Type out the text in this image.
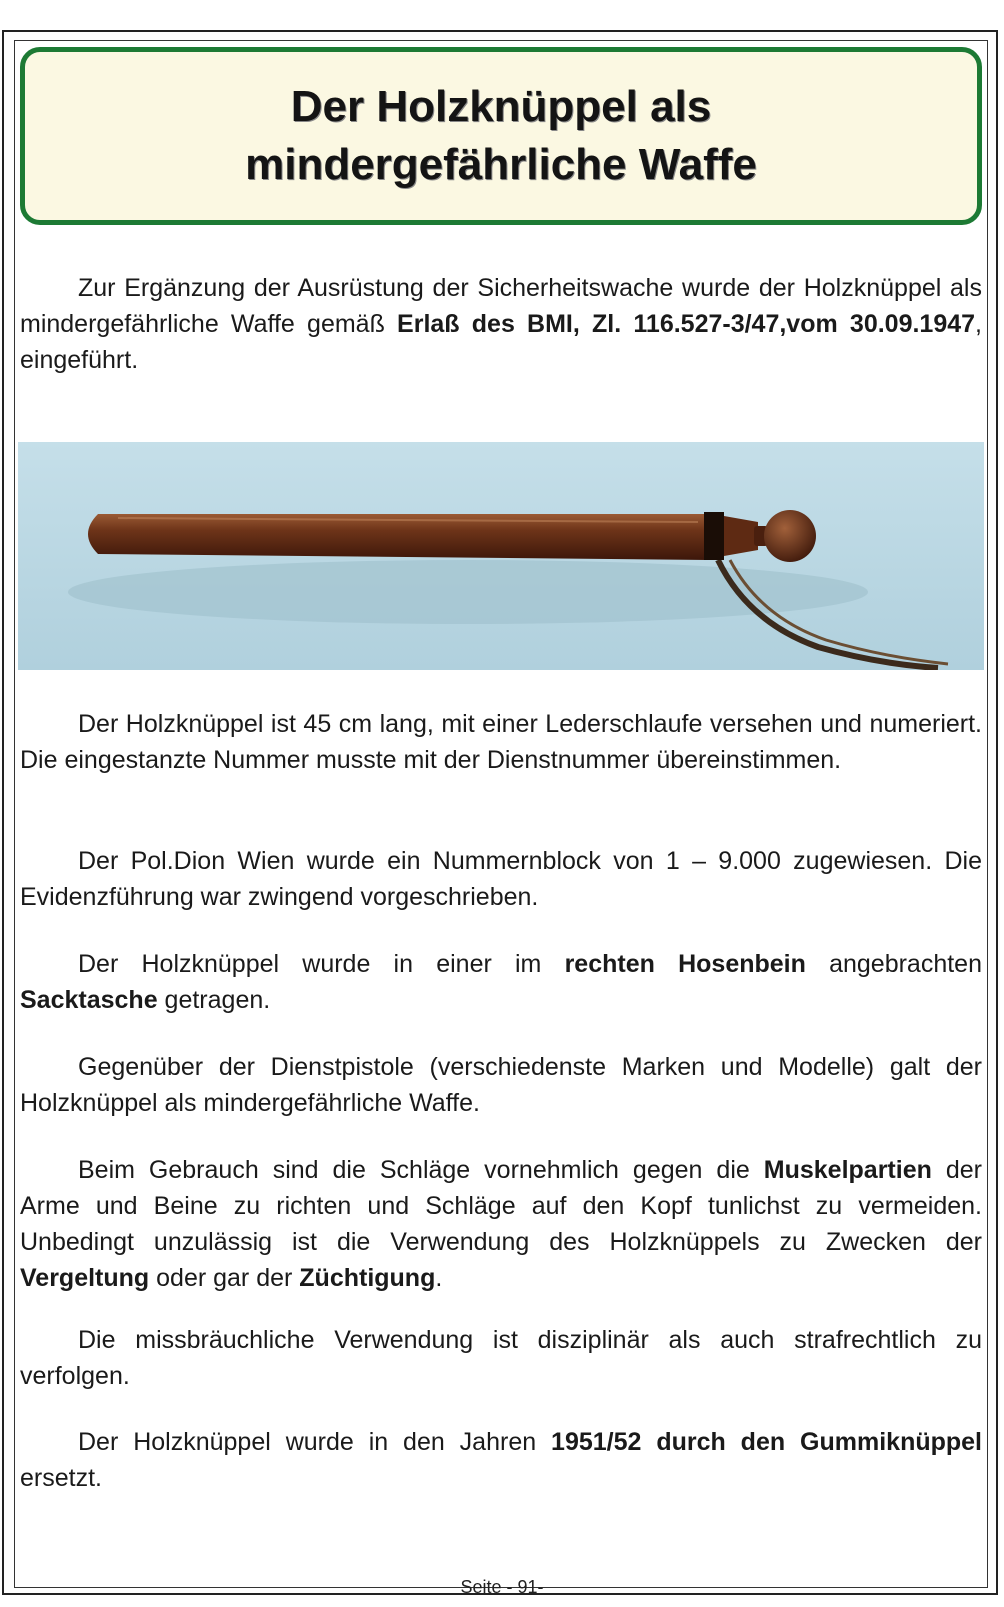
Der Holzknüppel als
mindergefährliche Waffe

Zur Ergänzung der Ausrüstung der Sicherheitswache wurde der Holzknüppel als mindergefährliche Waffe gemäß Erlaß des BMI, Zl. 116.527-3/47,vom 30.09.1947, eingeführt.

Der Holzknüppel ist 45 cm lang, mit einer Lederschlaufe versehen und numeriert. Die eingestanzte Nummer musste mit der Dienstnummer übereinstimmen.

Der Pol.Dion Wien wurde ein Nummernblock von 1 – 9.000 zugewiesen. Die Evidenzführung war zwingend vorgeschrieben.

Der Holzknüppel wurde in einer im rechten Hosenbein angebrachten Sacktasche getragen.

Gegenüber der Dienstpistole (verschiedenste Marken und Modelle) galt der Holzknüppel als mindergefährliche Waffe.

Beim Gebrauch sind die Schläge vornehmlich gegen die Muskelpartien der Arme und Beine zu richten und Schläge auf den Kopf tunlichst zu vermeiden. Unbedingt unzulässig ist die Verwendung des Holzknüppels zu Zwecken der Vergeltung oder gar der Züchtigung.

Die missbräuchliche Verwendung ist disziplinär als auch strafrechtlich zu verfolgen.

Der Holzknüppel wurde in den Jahren 1951/52 durch den Gummiknüppel ersetzt.

Seite - 91-
